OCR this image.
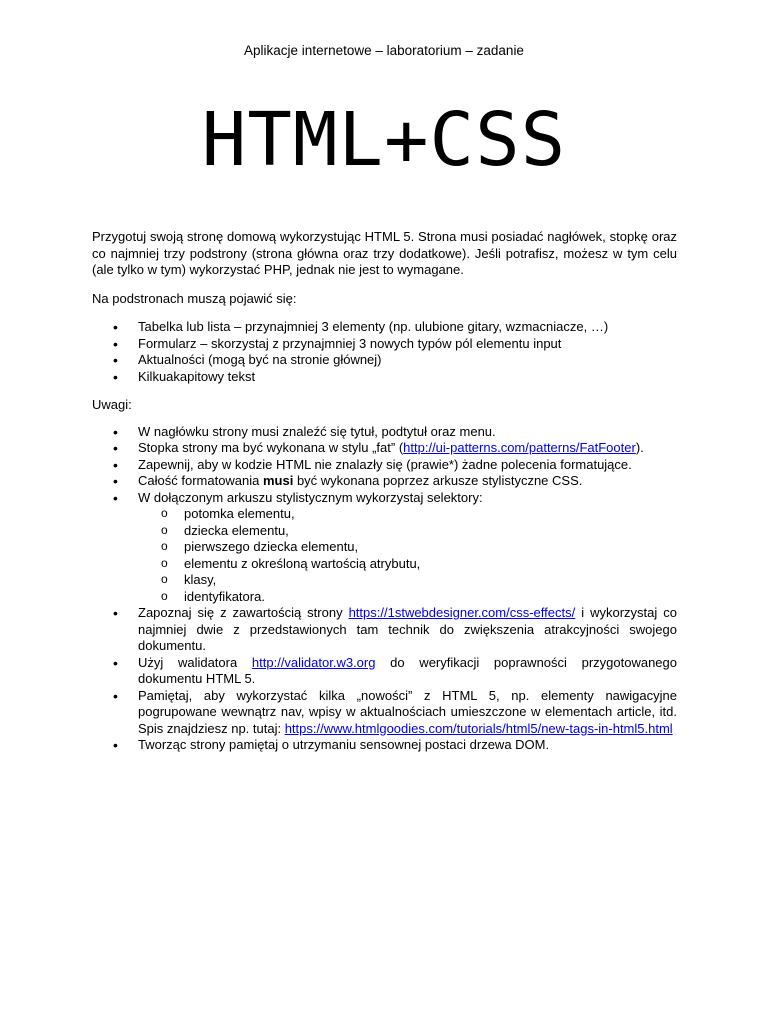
Aplikacje internetowe – laboratorium – zadanie
HTML+CSS

Przygotuj swoją stronę domową wykorzystując HTML 5. Strona musi posiadać nagłówek, stopkę oraz co najmniej trzy podstrony (strona główna oraz trzy dodatkowe). Jeśli potrafisz, możesz w tym celu (ale tylko w tym) wykorzystać PHP, jednak nie jest to wymagane.

Na podstronach muszą pojawić się:

• Tabelka lub lista – przynajmniej 3 elementy (np. ulubione gitary, wzmacniacze, …)
• Formularz – skorzystaj z przynajmniej 3 nowych typów pól elementu input
• Aktualności (mogą być na stronie głównej)
• Kilkuakapitowy tekst

Uwagi:

• W nagłówku strony musi znaleźć się tytuł, podtytuł oraz menu.
• Stopka strony ma być wykonana w stylu „fat” (http://ui-patterns.com/patterns/FatFooter).
• Zapewnij, aby w kodzie HTML nie znalazły się (prawie*) żadne polecenia formatujące.
• Całość formatowania musi być wykonana poprzez arkusze stylistyczne CSS.
• W dołączonym arkuszu stylistycznym wykorzystaj selektory:
o potomka elementu,
o dziecka elementu,
o pierwszego dziecka elementu,
o elementu z określoną wartością atrybutu,
o klasy,
o identyfikatora.
• Zapoznaj się z zawartością strony https://1stwebdesigner.com/css-effects/ i wykorzystaj co najmniej dwie z przedstawionych tam technik do zwiększenia atrakcyjności swojego dokumentu.
• Użyj walidatora http://validator.w3.org do weryfikacji poprawności przygotowanego dokumentu HTML 5.
• Pamiętaj, aby wykorzystać kilka „nowości” z HTML 5, np. elementy nawigacyjne pogrupowane wewnątrz nav, wpisy w aktualnościach umieszczone w elementach article, itd. Spis znajdziesz np. tutaj: https://www.htmlgoodies.com/tutorials/html5/new-tags-in-html5.html
• Tworząc strony pamiętaj o utrzymaniu sensownej postaci drzewa DOM.
